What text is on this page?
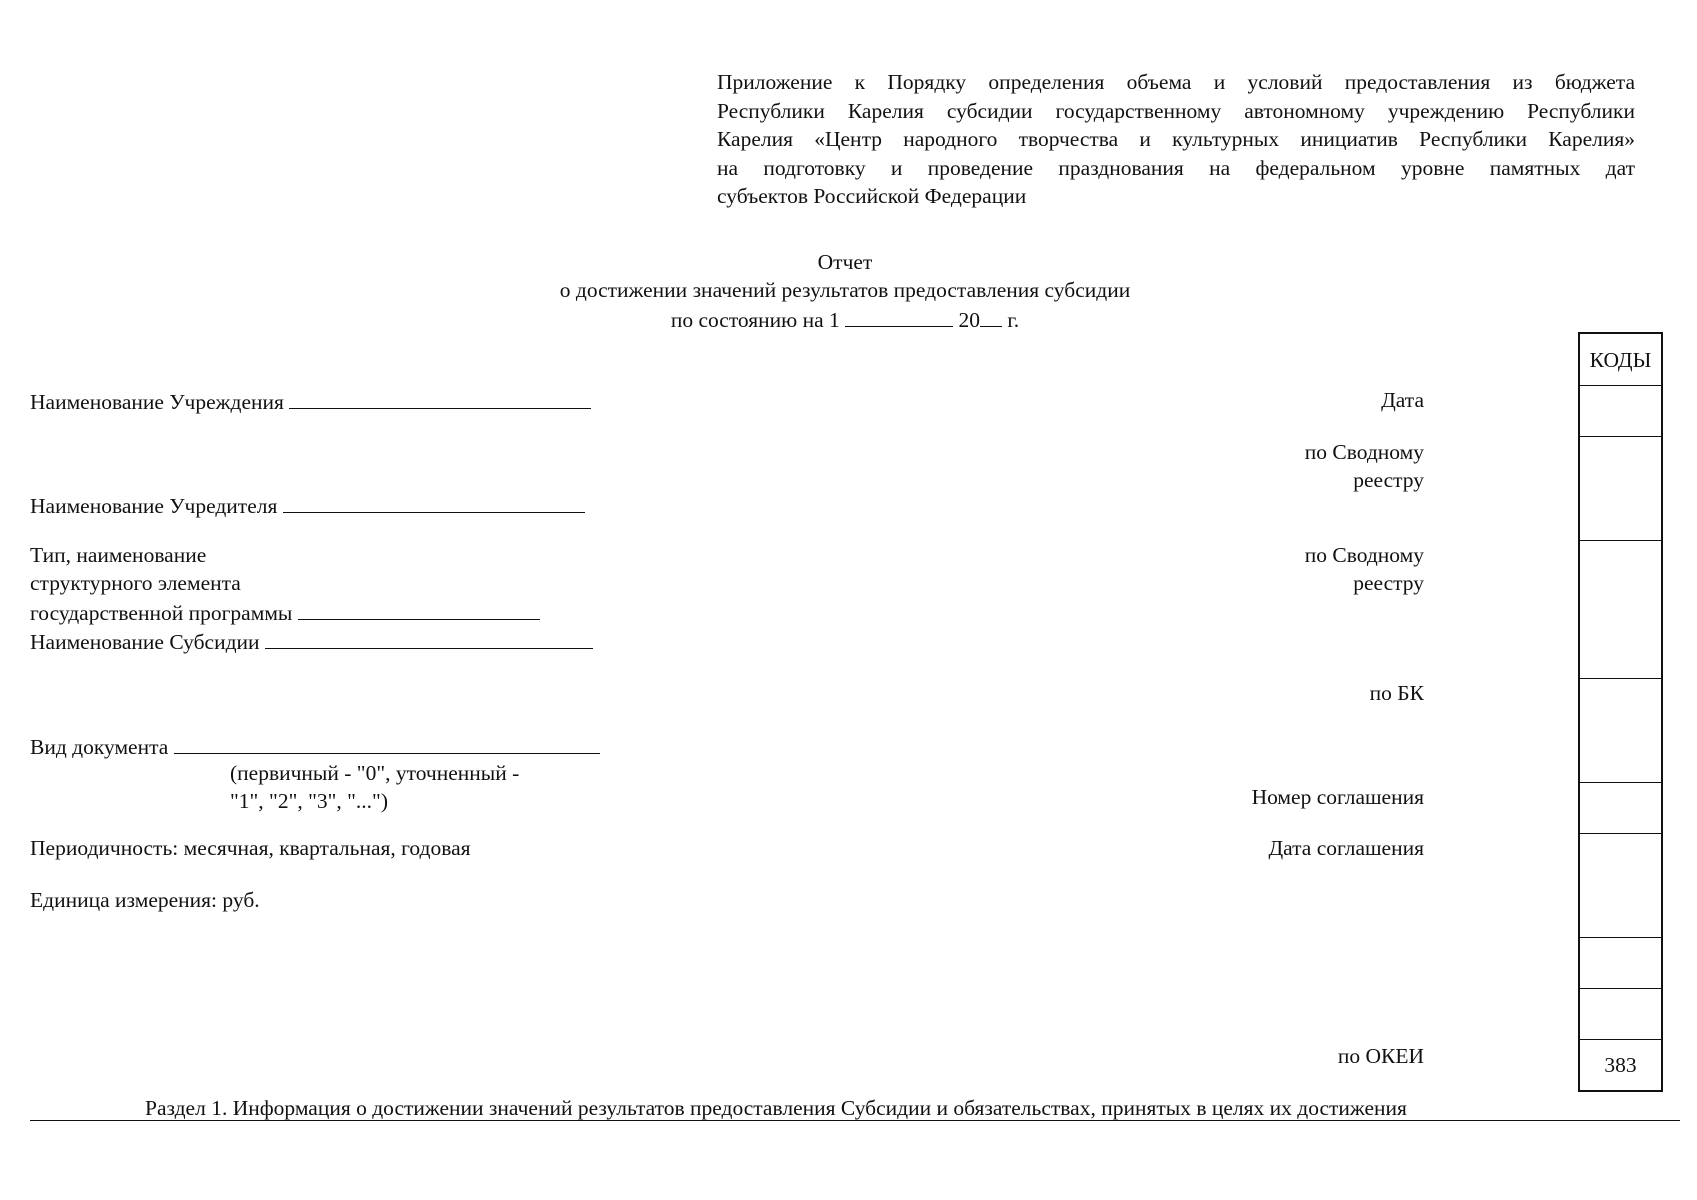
Приложение к Порядку определения объема и условий предоставления из бюджета
Республики Карелия субсидии государственному автономному учреждению Республики
Карелия «Центр народного творчества и культурных инициатив Республики Карелия»
на подготовку и проведение празднования на федеральном уровне памятных дат
субъектов Российской Федерации
Отчет
о достижении значений результатов предоставления субсидии
по состоянию на 1	20 г.
Наименование Учреждения
Наименование Учредителя
Тип, наименование
структурного элемента
государственной программы
Наименование Субсидии
Вид документа
(первичный - "0", уточненный -
"1", "2", "3", "...")
Периодичность: месячная, квартальная, годовая
Единица измерения: руб.
Дата
по Сводному
реестру
по Сводному
реестру
по БК
Номер соглашения
Дата соглашения
по ОКЕИ
КОДЫ
383
Раздел 1. Информация о достижении значений результатов предоставления Субсидии и обязательствах, принятых в целях их достижения
